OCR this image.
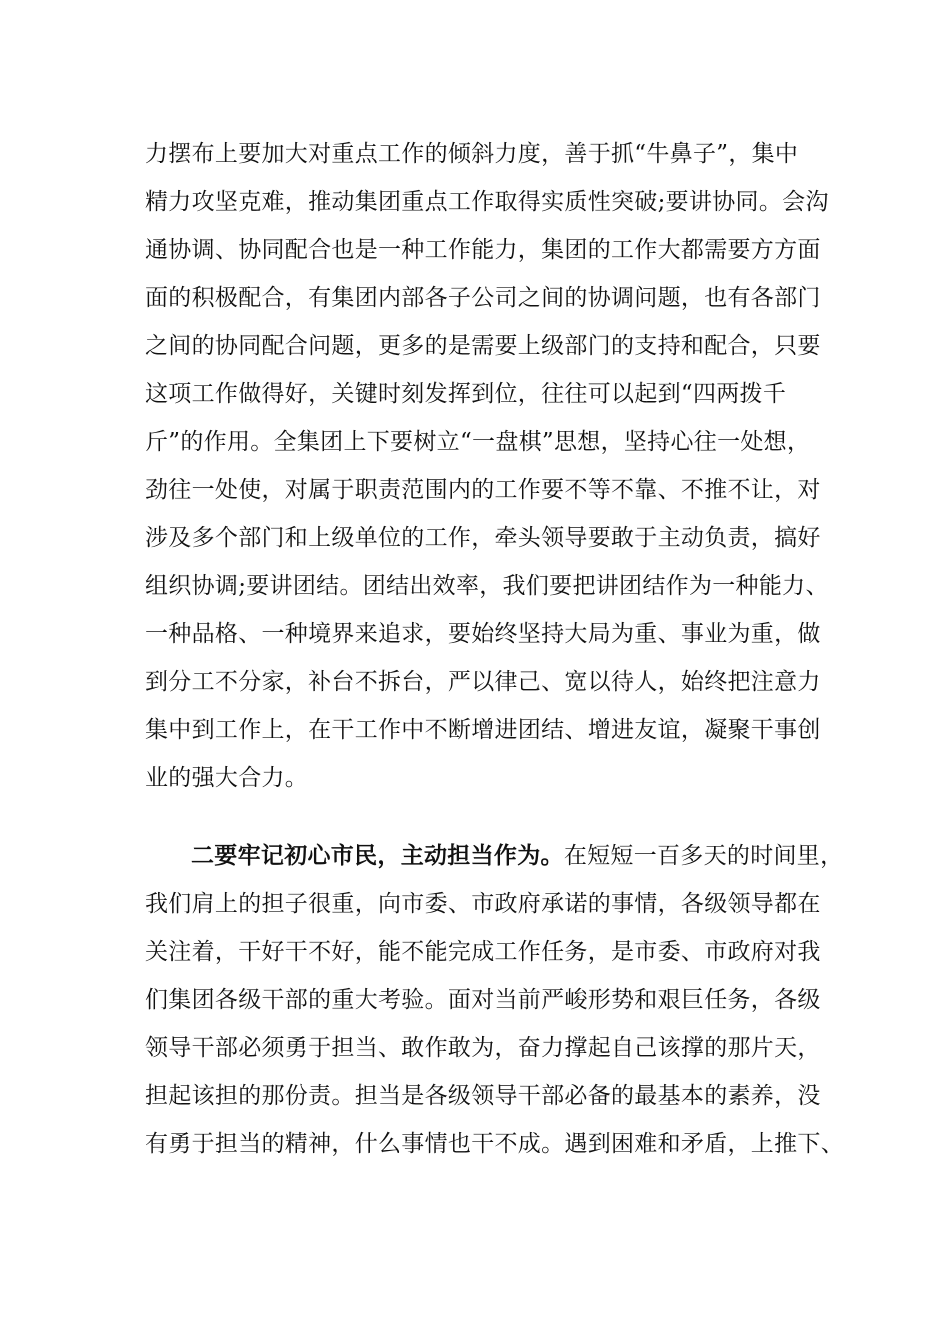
力摆布上要加大对重点工作的倾斜力度，善于抓“牛鼻子”，集中
精力攻坚克难，推动集团重点工作取得实质性突破;要讲协同。会沟
通协调、协同配合也是一种工作能力，集团的工作大都需要方方面
面的积极配合，有集团内部各子公司之间的协调问题，也有各部门
之间的协同配合问题，更多的是需要上级部门的支持和配合，只要
这项工作做得好，关键时刻发挥到位，往往可以起到“四两拨千
斤”的作用。全集团上下要树立“一盘棋”思想，坚持心往一处想，
劲往一处使，对属于职责范围内的工作要不等不靠、不推不让，对
涉及多个部门和上级单位的工作，牵头领导要敢于主动负责，搞好
组织协调;要讲团结。团结出效率，我们要把讲团结作为一种能力、
一种品格、一种境界来追求，要始终坚持大局为重、事业为重，做
到分工不分家，补台不拆台，严以律己、宽以待人，始终把注意力
集中到工作上，在干工作中不断增进团结、增进友谊，凝聚干事创
业的强大合力。
二要牢记初心市民，主动担当作为。在短短一百多天的时间里，
我们肩上的担子很重，向市委、市政府承诺的事情，各级领导都在
关注着，干好干不好，能不能完成工作任务，是市委、市政府对我
们集团各级干部的重大考验。面对当前严峻形势和艰巨任务，各级
领导干部必须勇于担当、敢作敢为，奋力撑起自己该撑的那片天，
担起该担的那份责。担当是各级领导干部必备的最基本的素养，没
有勇于担当的精神，什么事情也干不成。遇到困难和矛盾，上推下、
